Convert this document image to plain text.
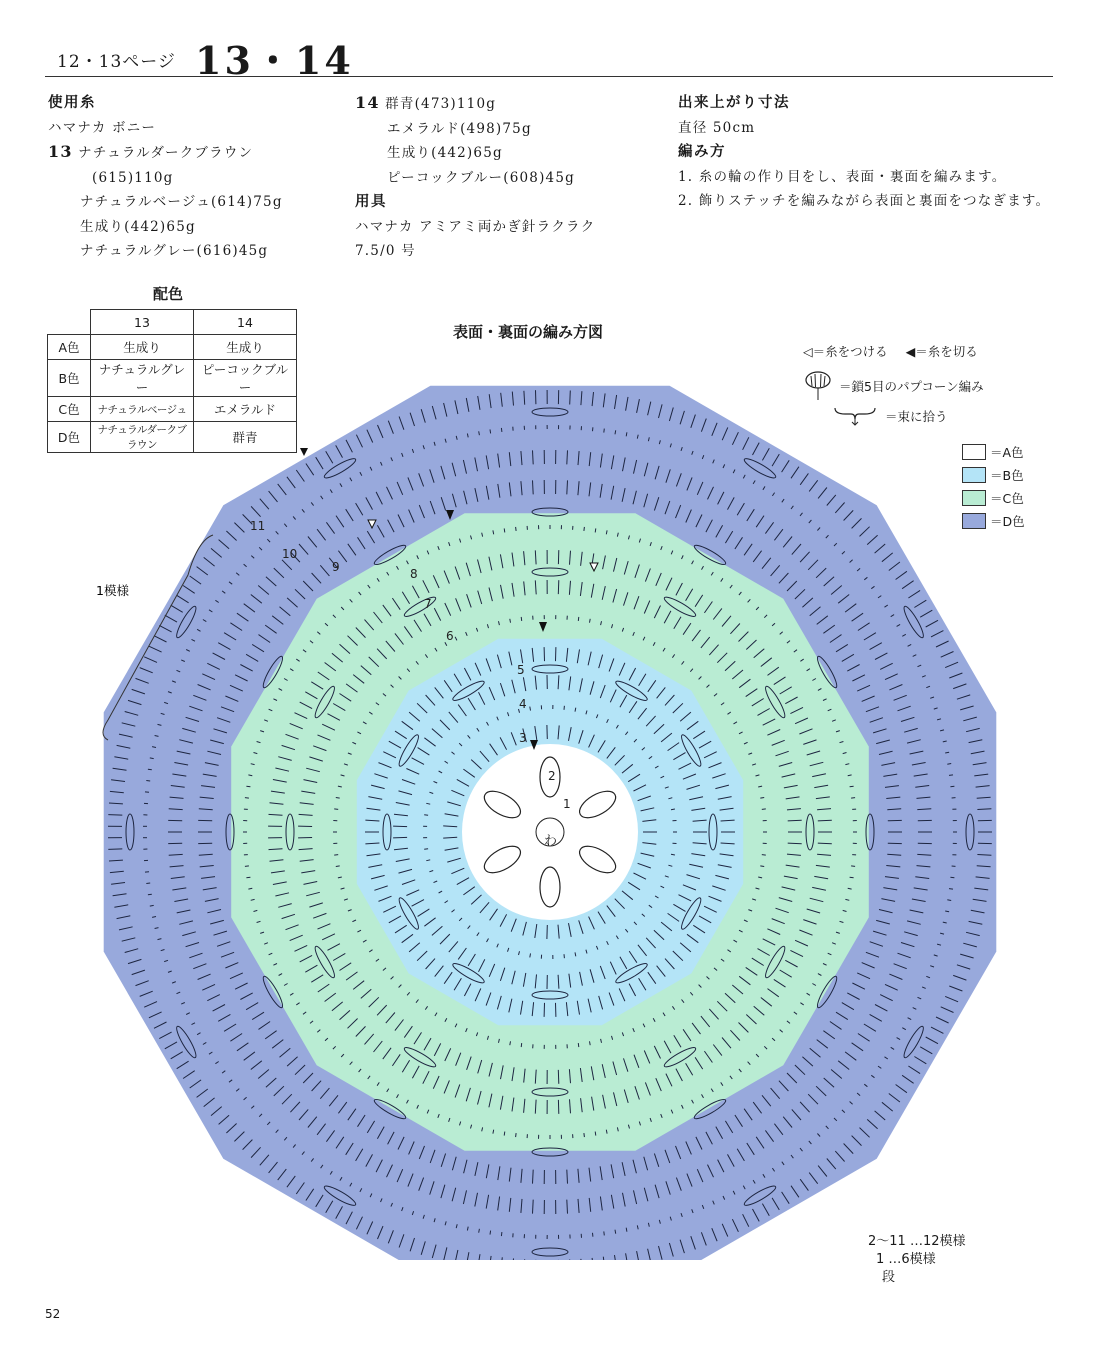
12・13ページ 13・14
使用糸
ハマナカ ボニー
13 ナチュラルダークブラウン
(615)110g
ナチュラルベージュ(614)75g
生成り(442)65g
ナチュラルグレー(616)45g
14 群青(473)110g
エメラルド(498)75g
生成り(442)65g
ピーコックブルー(608)45g
用具
ハマナカ アミアミ両かぎ針ラクラク
7.5/0 号
出来上がり寸法
直径 50cm
編み方
1. 糸の輪の作り目をし、表面・裏面を編みます。
2. 飾りステッチを編みながら表面と裏面をつなぎます。
配色
	13	14
A色	生成り	生成り
B色	ナチュラルグレー	ピーコックブルー
C色	ナチュラルベージュ	エメラルド
D色	ナチュラルダークブラウン	群青
表面・裏面の編み方図
◁＝糸をつける ◀＝糸を切る
＝鎖5目のパプコーン編み
＝束に拾う
＝A色
＝B色
＝C色
＝D色
1模様
11
10
9	8
7
6
5
4
3
2
1
わ
2～11 …12模様
1 …6模様
段
52
